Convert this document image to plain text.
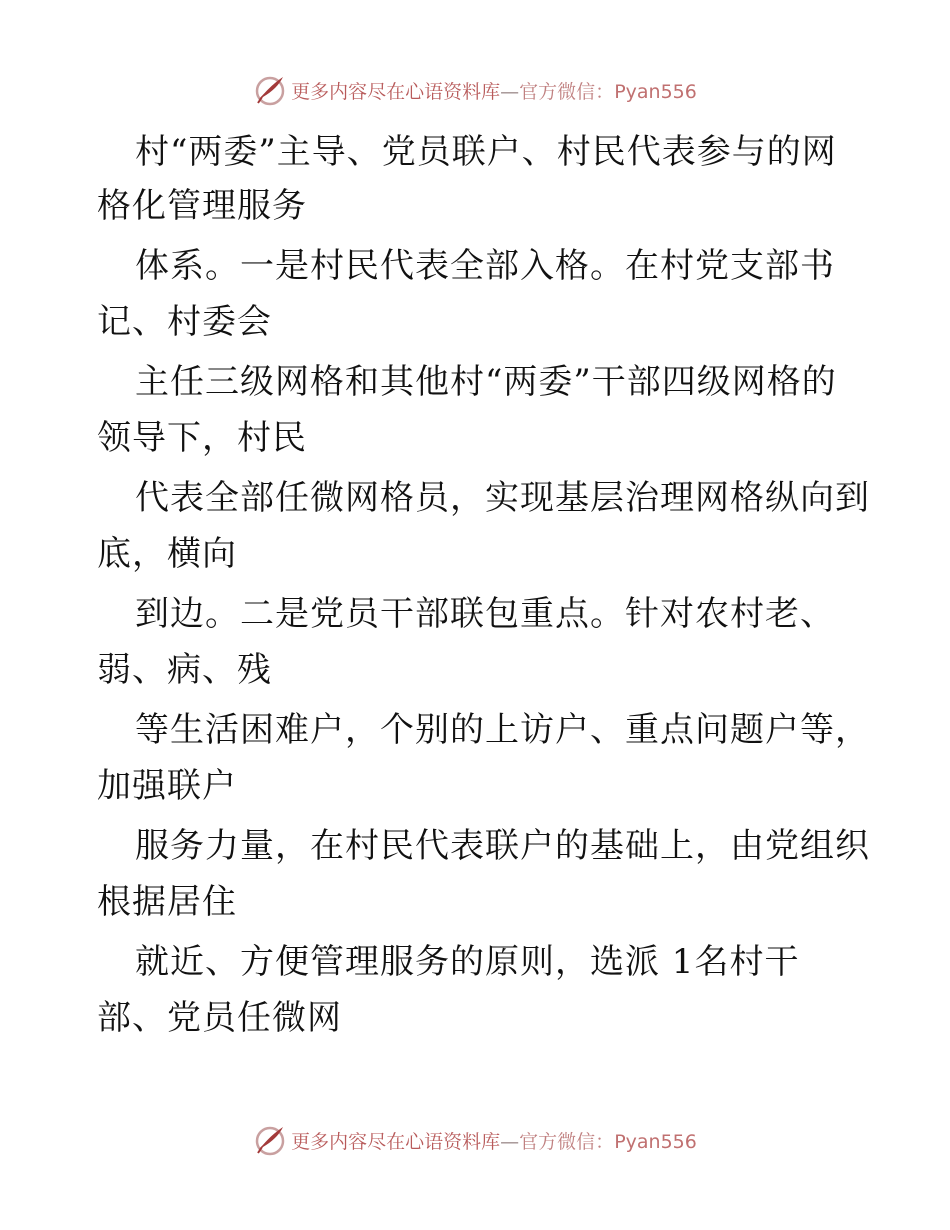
更多内容尽在心语资料库—官方微信：Pyan556
村“两委”主导、党员联户、村民代表参与的网
格化管理服务
体系。一是村民代表全部入格。在村党支部书
记、村委会
主任三级网格和其他村“两委”干部四级网格的
领导下，村民
代表全部任微网格员，实现基层治理网格纵向到
底，横向
到边。二是党员干部联包重点。针对农村老、
弱、病、残
等生活困难户，个别的上访户、重点问题户等，
加强联户
服务力量，在村民代表联户的基础上，由党组织
根据居住
就近、方便管理服务的原则，选派 1名村干
部、党员任微网
更多内容尽在心语资料库—官方微信：Pyan556
